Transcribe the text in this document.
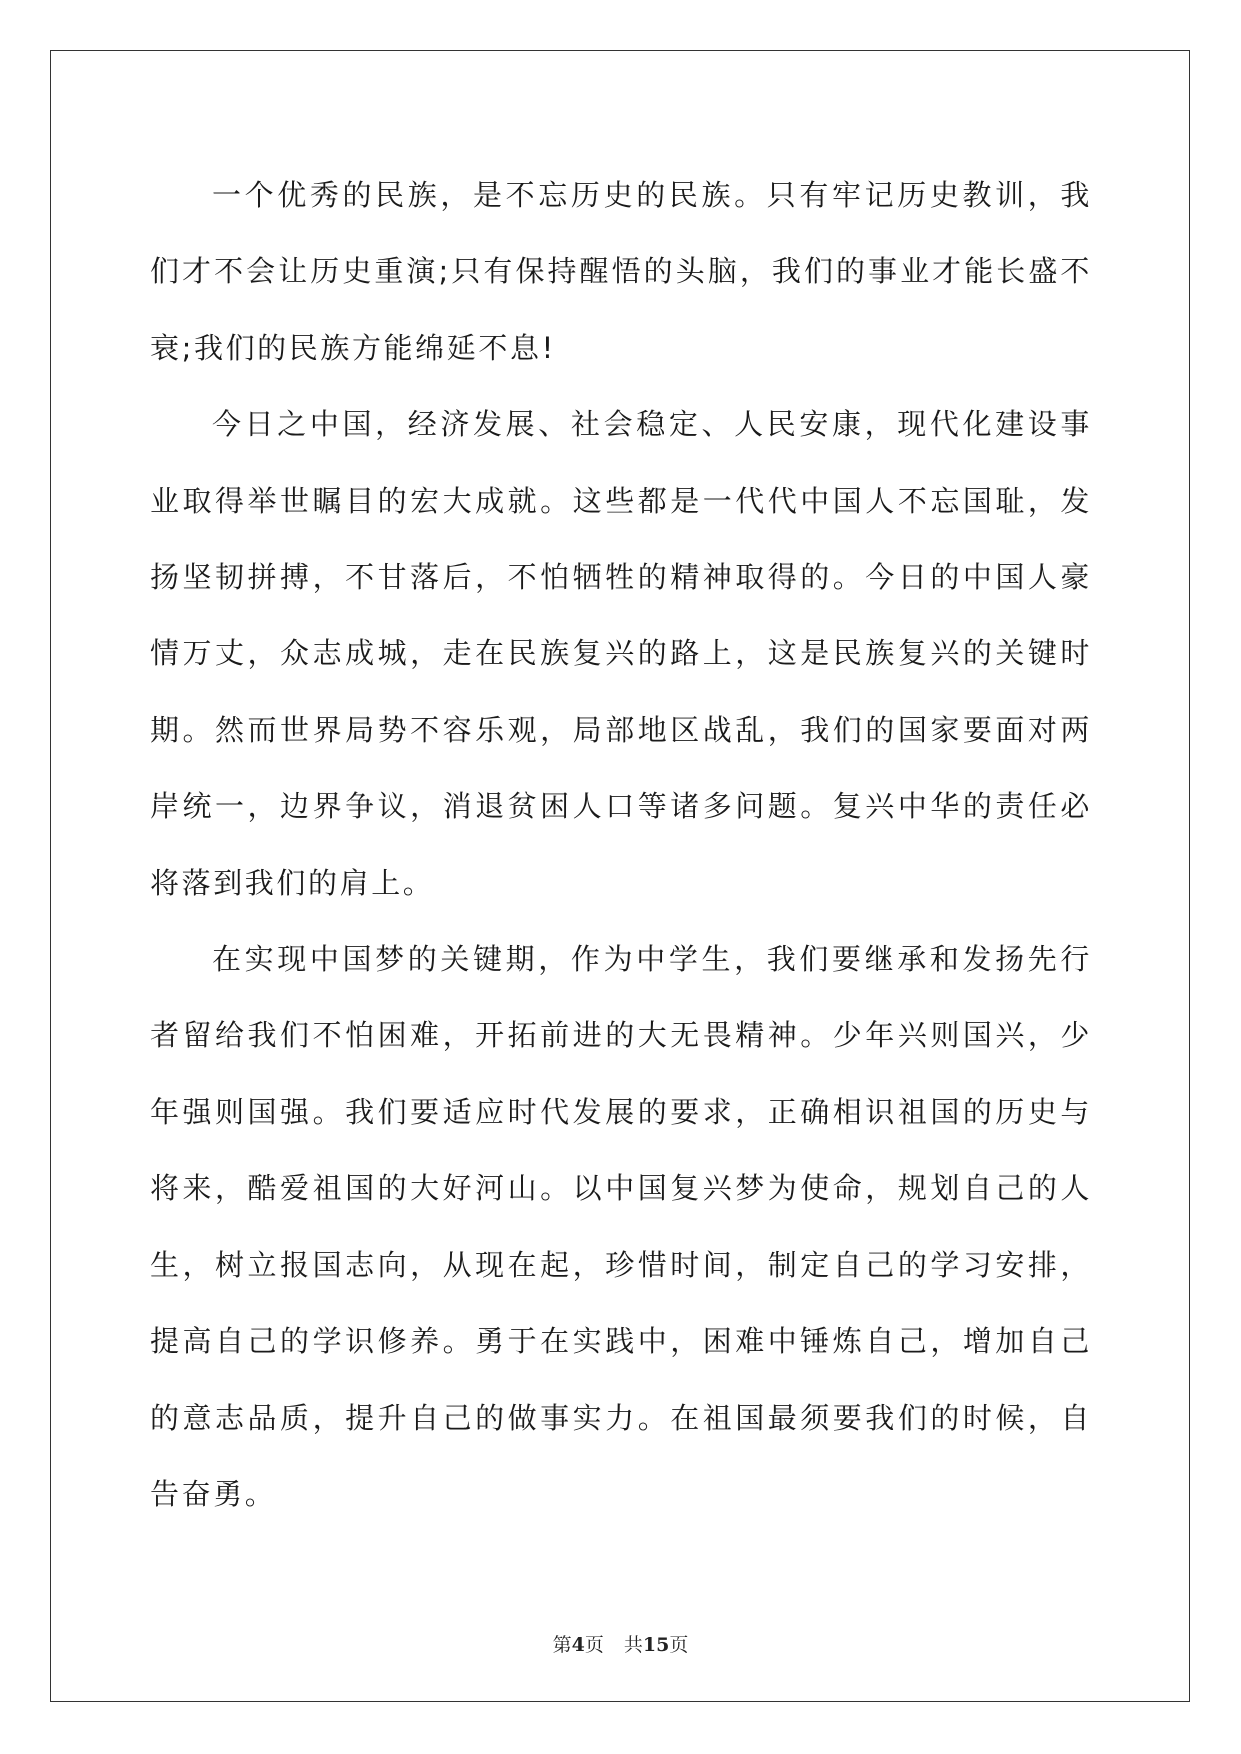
一个优秀的民族，是不忘历史的民族。只有牢记历史教训，我们才不会让历史重演;只有保持醒悟的头脑，我们的事业才能长盛不衰;我们的民族方能绵延不息!

今日之中国，经济发展、社会稳定、人民安康，现代化建设事业取得举世瞩目的宏大成就。这些都是一代代中国人不忘国耻，发扬坚韧拼搏，不甘落后，不怕牺牲的精神取得的。今日的中国人豪情万丈，众志成城，走在民族复兴的路上，这是民族复兴的关键时期。然而世界局势不容乐观，局部地区战乱，我们的国家要面对两岸统一，边界争议，消退贫困人口等诸多问题。复兴中华的责任必将落到我们的肩上。

在实现中国梦的关键期，作为中学生，我们要继承和发扬先行者留给我们不怕困难，开拓前进的大无畏精神。少年兴则国兴，少年强则国强。我们要适应时代发展的要求，正确相识祖国的历史与将来，酷爱祖国的大好河山。以中国复兴梦为使命，规划自己的人生，树立报国志向，从现在起，珍惜时间，制定自己的学习安排，提高自己的学识修养。勇于在实践中，困难中锤炼自己，增加自己的意志品质，提升自己的做事实力。在祖国最须要我们的时候，自告奋勇。

第4页 共15页
